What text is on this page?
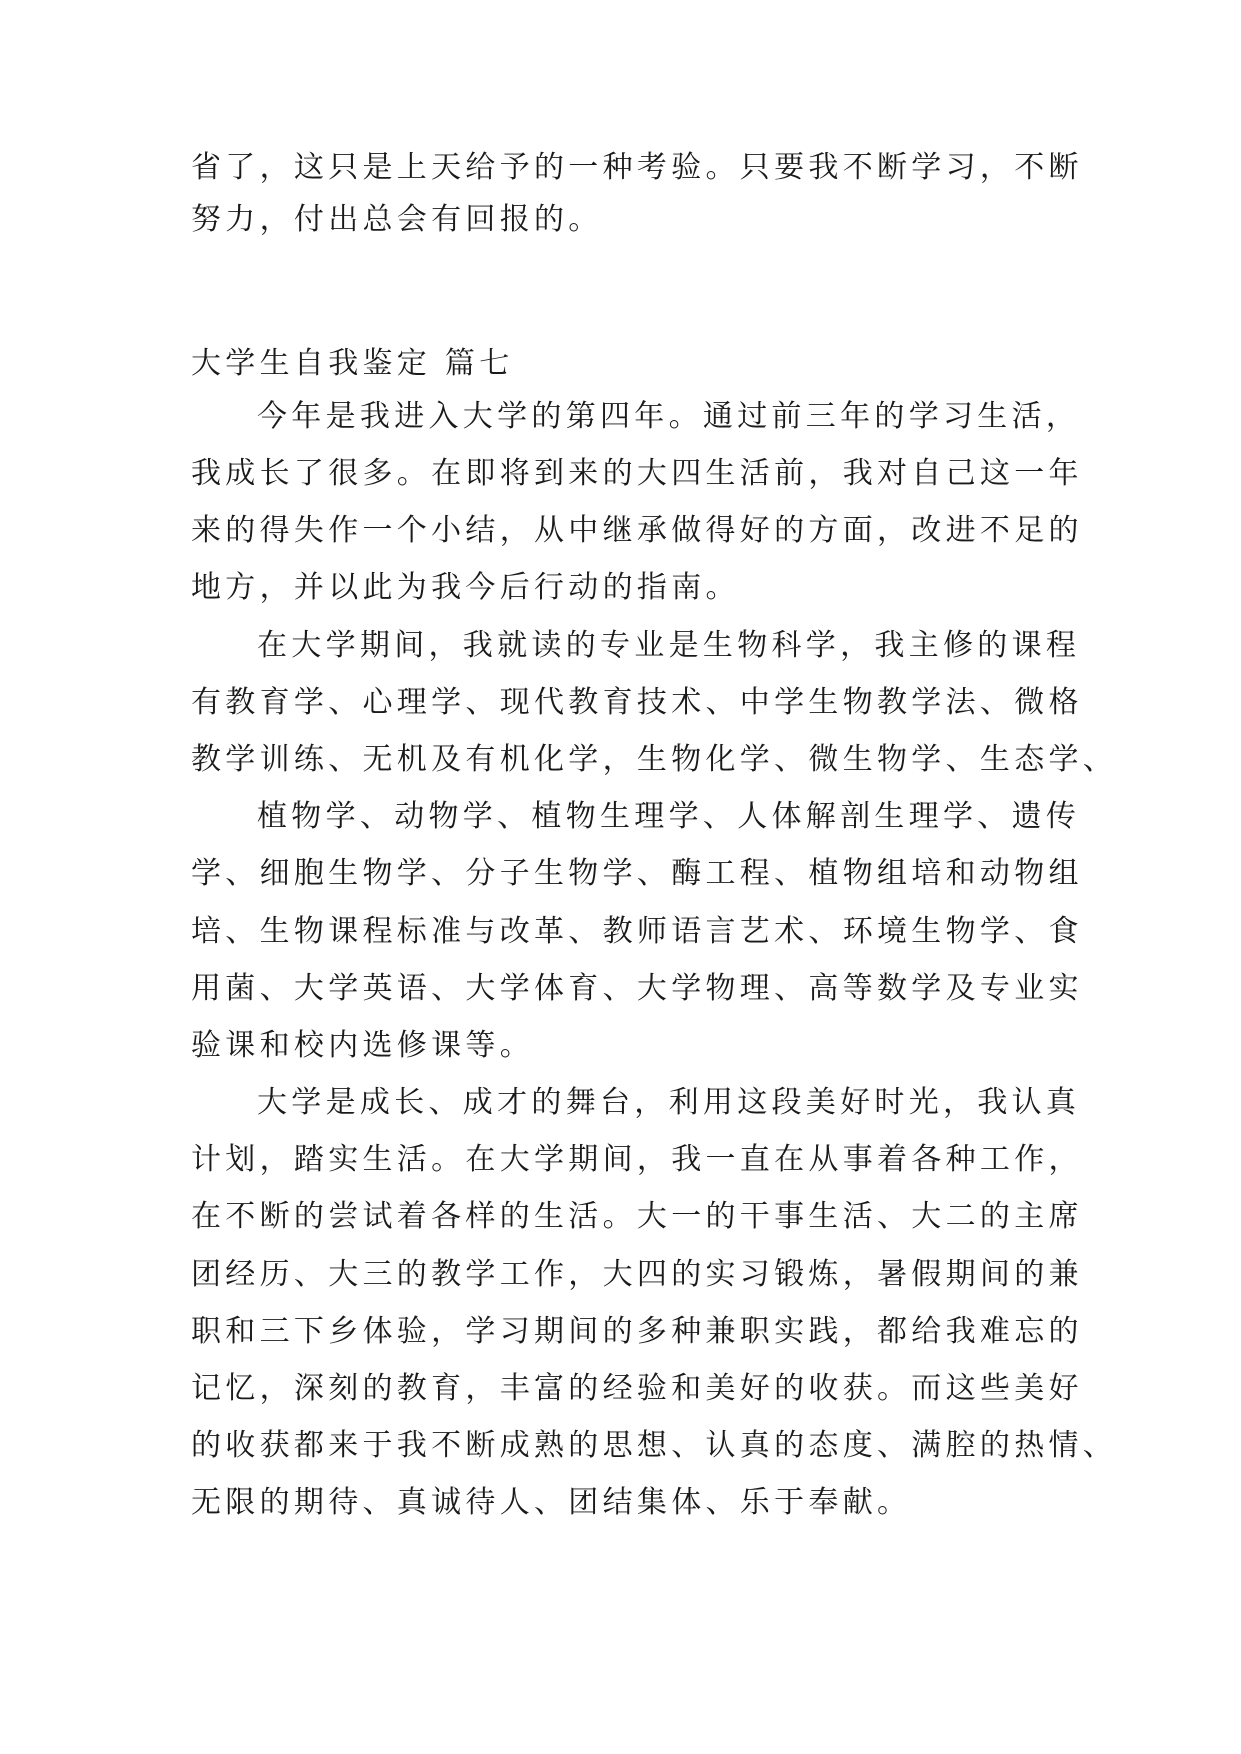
省了，这只是上天给予的一种考验。只要我不断学习，不断

努力，付出总会有回报的。

大学生自我鉴定 篇七

今年是我进入大学的第四年。通过前三年的学习生活，

我成长了很多。在即将到来的大四生活前，我对自己这一年

来的得失作一个小结，从中继承做得好的方面，改进不足的

地方，并以此为我今后行动的指南。

在大学期间，我就读的专业是生物科学，我主修的课程

有教育学、心理学、现代教育技术、中学生物教学法、微格

教学训练、无机及有机化学，生物化学、微生物学、生态学、

植物学、动物学、植物生理学、人体解剖生理学、遗传

学、细胞生物学、分子生物学、酶工程、植物组培和动物组

培、生物课程标准与改革、教师语言艺术、环境生物学、食

用菌、大学英语、大学体育、大学物理、高等数学及专业实

验课和校内选修课等。

大学是成长、成才的舞台，利用这段美好时光，我认真

计划，踏实生活。在大学期间，我一直在从事着各种工作，

在不断的尝试着各样的生活。大一的干事生活、大二的主席

团经历、大三的教学工作，大四的实习锻炼，暑假期间的兼

职和三下乡体验，学习期间的多种兼职实践，都给我难忘的

记忆，深刻的教育，丰富的经验和美好的收获。而这些美好

的收获都来于我不断成熟的思想、认真的态度、满腔的热情、

无限的期待、真诚待人、团结集体、乐于奉献。
